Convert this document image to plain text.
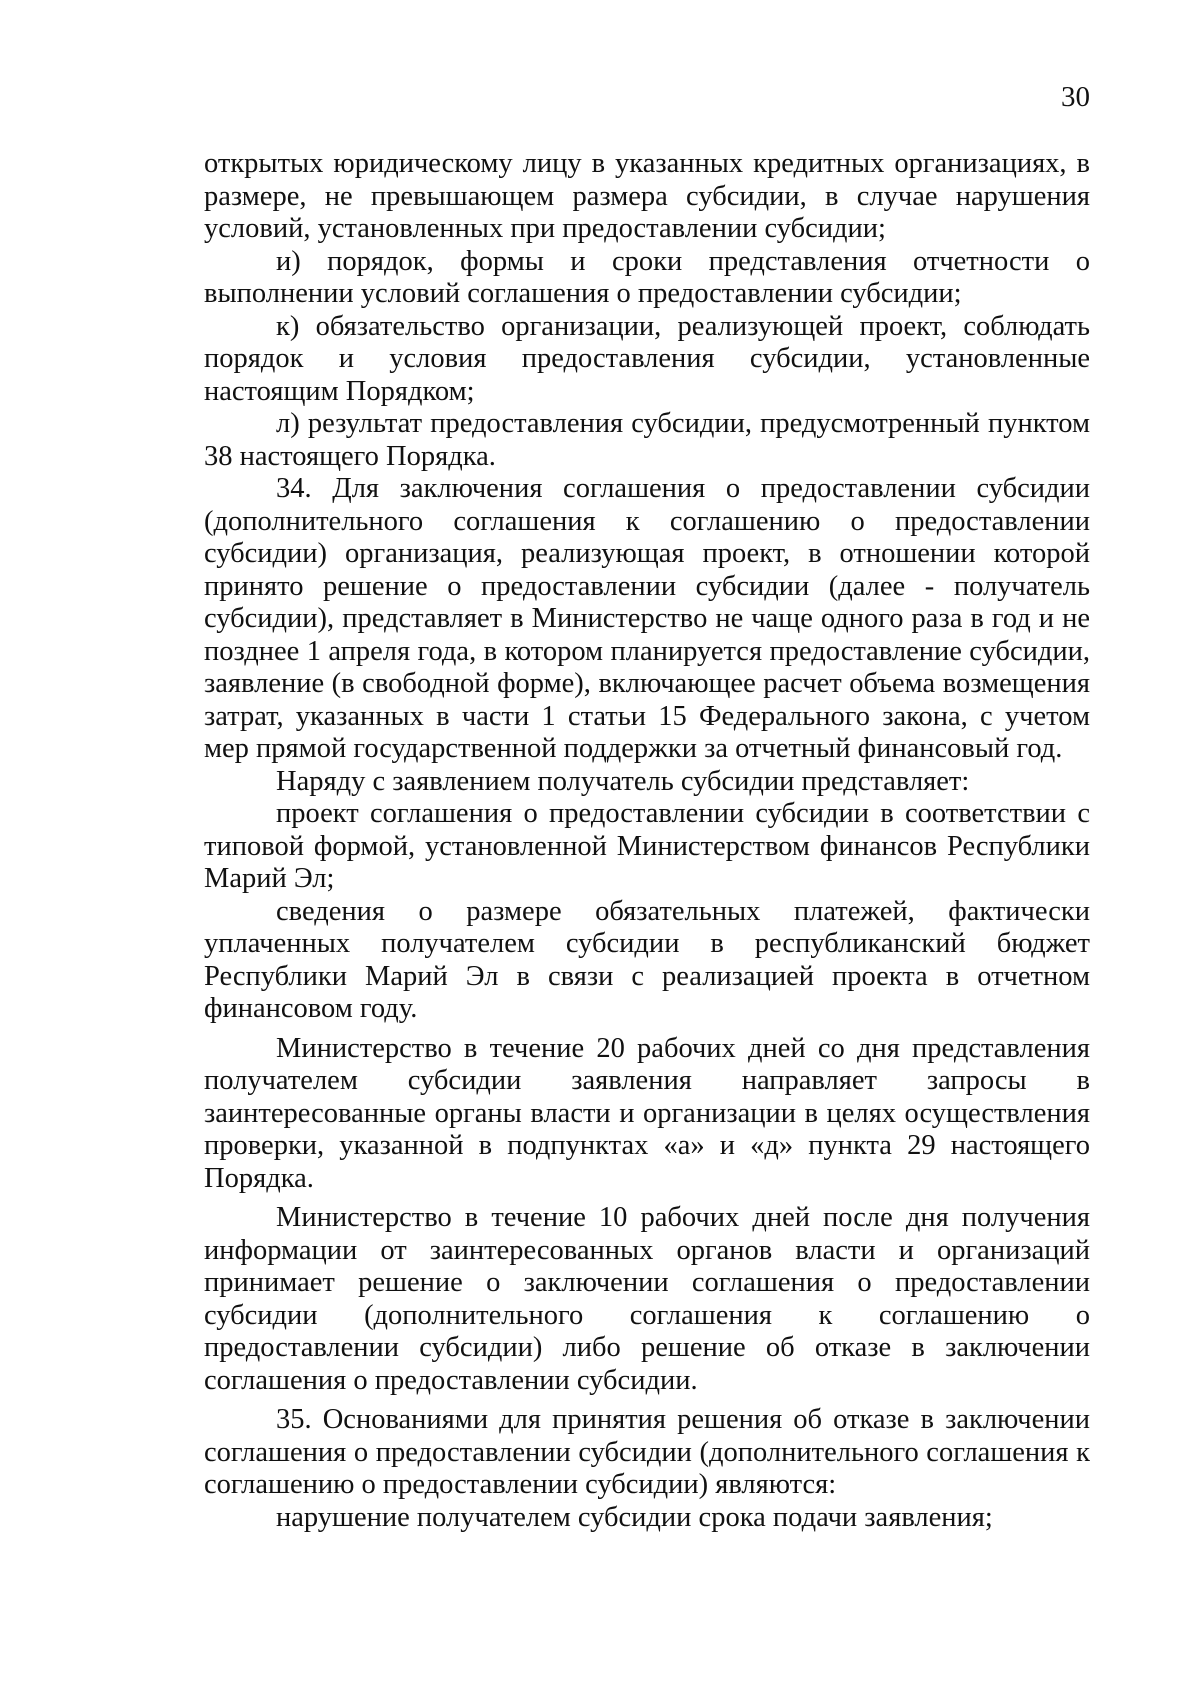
30

открытых юридическому лицу в указанных кредитных организациях, в размере, не превышающем размера субсидии, в случае нарушения условий, установленных при предоставлении субсидии;

и) порядок, формы и сроки представления отчетности о выполнении условий соглашения о предоставлении субсидии;

к) обязательство организации, реализующей проект, соблюдать порядок и условия предоставления субсидии, установленные настоящим Порядком;

л) результат предоставления субсидии, предусмотренный пунктом 38 настоящего Порядка.

34. Для заключения соглашения о предоставлении субсидии (дополнительного соглашения к соглашению о предоставлении субсидии) организация, реализующая проект, в отношении которой принято решение о предоставлении субсидии (далее - получатель субсидии), представляет в Министерство не чаще одного раза в год и не позднее 1 апреля года, в котором планируется предоставление субсидии, заявление (в свободной форме), включающее расчет объема возмещения затрат, указанных в части 1 статьи 15 Федерального закона, с учетом мер прямой государственной поддержки за отчетный финансовый год.

Наряду с заявлением получатель субсидии представляет:

проект соглашения о предоставлении субсидии в соответствии с типовой формой, установленной Министерством финансов Республики Марий Эл;

сведения о размере обязательных платежей, фактически уплаченных получателем субсидии в республиканский бюджет Республики Марий Эл в связи с реализацией проекта в отчетном финансовом году.

Министерство в течение 20 рабочих дней со дня представления получателем субсидии заявления направляет запросы в заинтересованные органы власти и организации в целях осуществления проверки, указанной в подпунктах «а» и «д» пункта 29 настоящего Порядка.

Министерство в течение 10 рабочих дней после дня получения информации от заинтересованных органов власти и организаций принимает решение о заключении соглашения о предоставлении субсидии (дополнительного соглашения к соглашению о предоставлении субсидии) либо решение об отказе в заключении соглашения о предоставлении субсидии.

35. Основаниями для принятия решения об отказе в заключении соглашения о предоставлении субсидии (дополнительного соглашения к соглашению о предоставлении субсидии) являются:

нарушение получателем субсидии срока подачи заявления;
